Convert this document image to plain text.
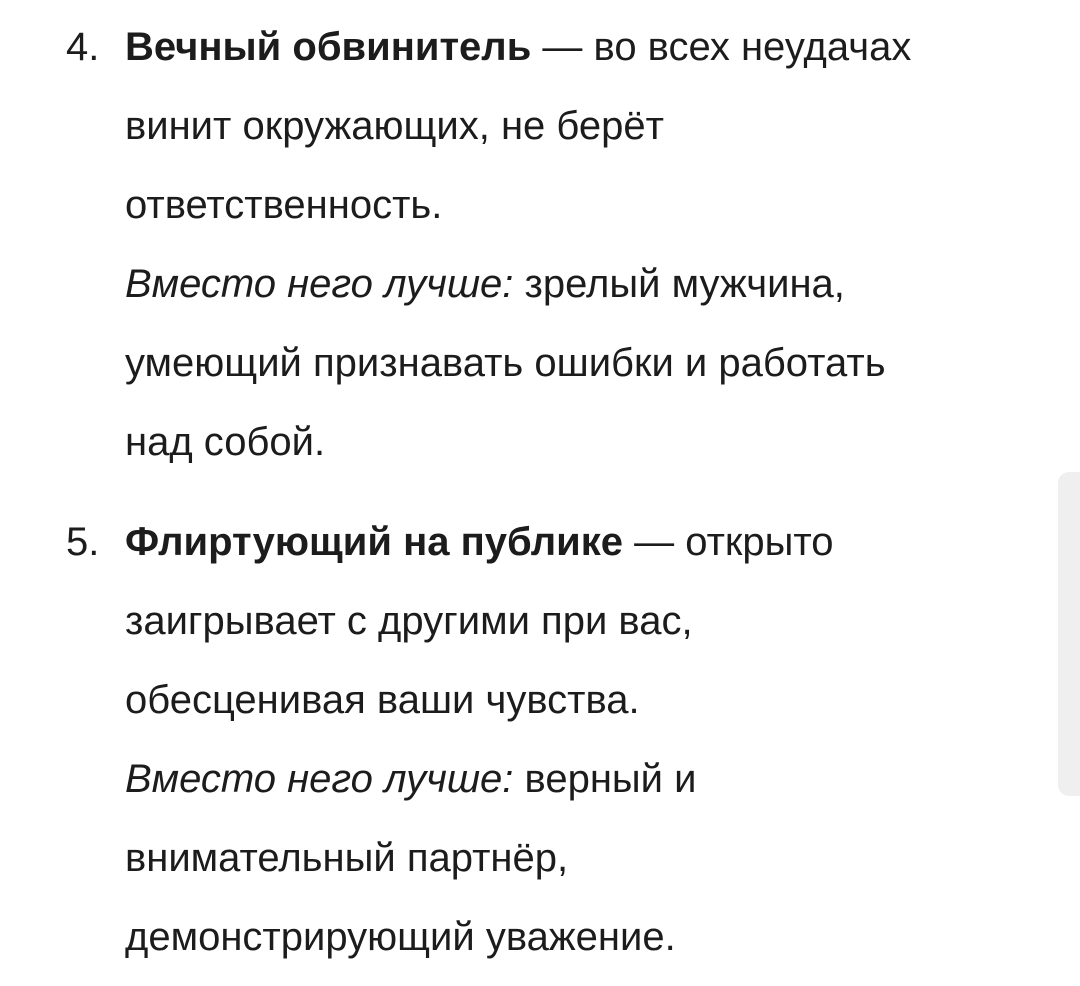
4. Вечный обвинитель — во всех неудачах
винит окружающих, не берёт
ответственность.
Вместо него лучше: зрелый мужчина,
умеющий признавать ошибки и работать
над собой.
5. Флиртующий на публике — открыто
заигрывает с другими при вас,
обесценивая ваши чувства.
Вместо него лучше: верный и
внимательный партнёр,
демонстрирующий уважение.
